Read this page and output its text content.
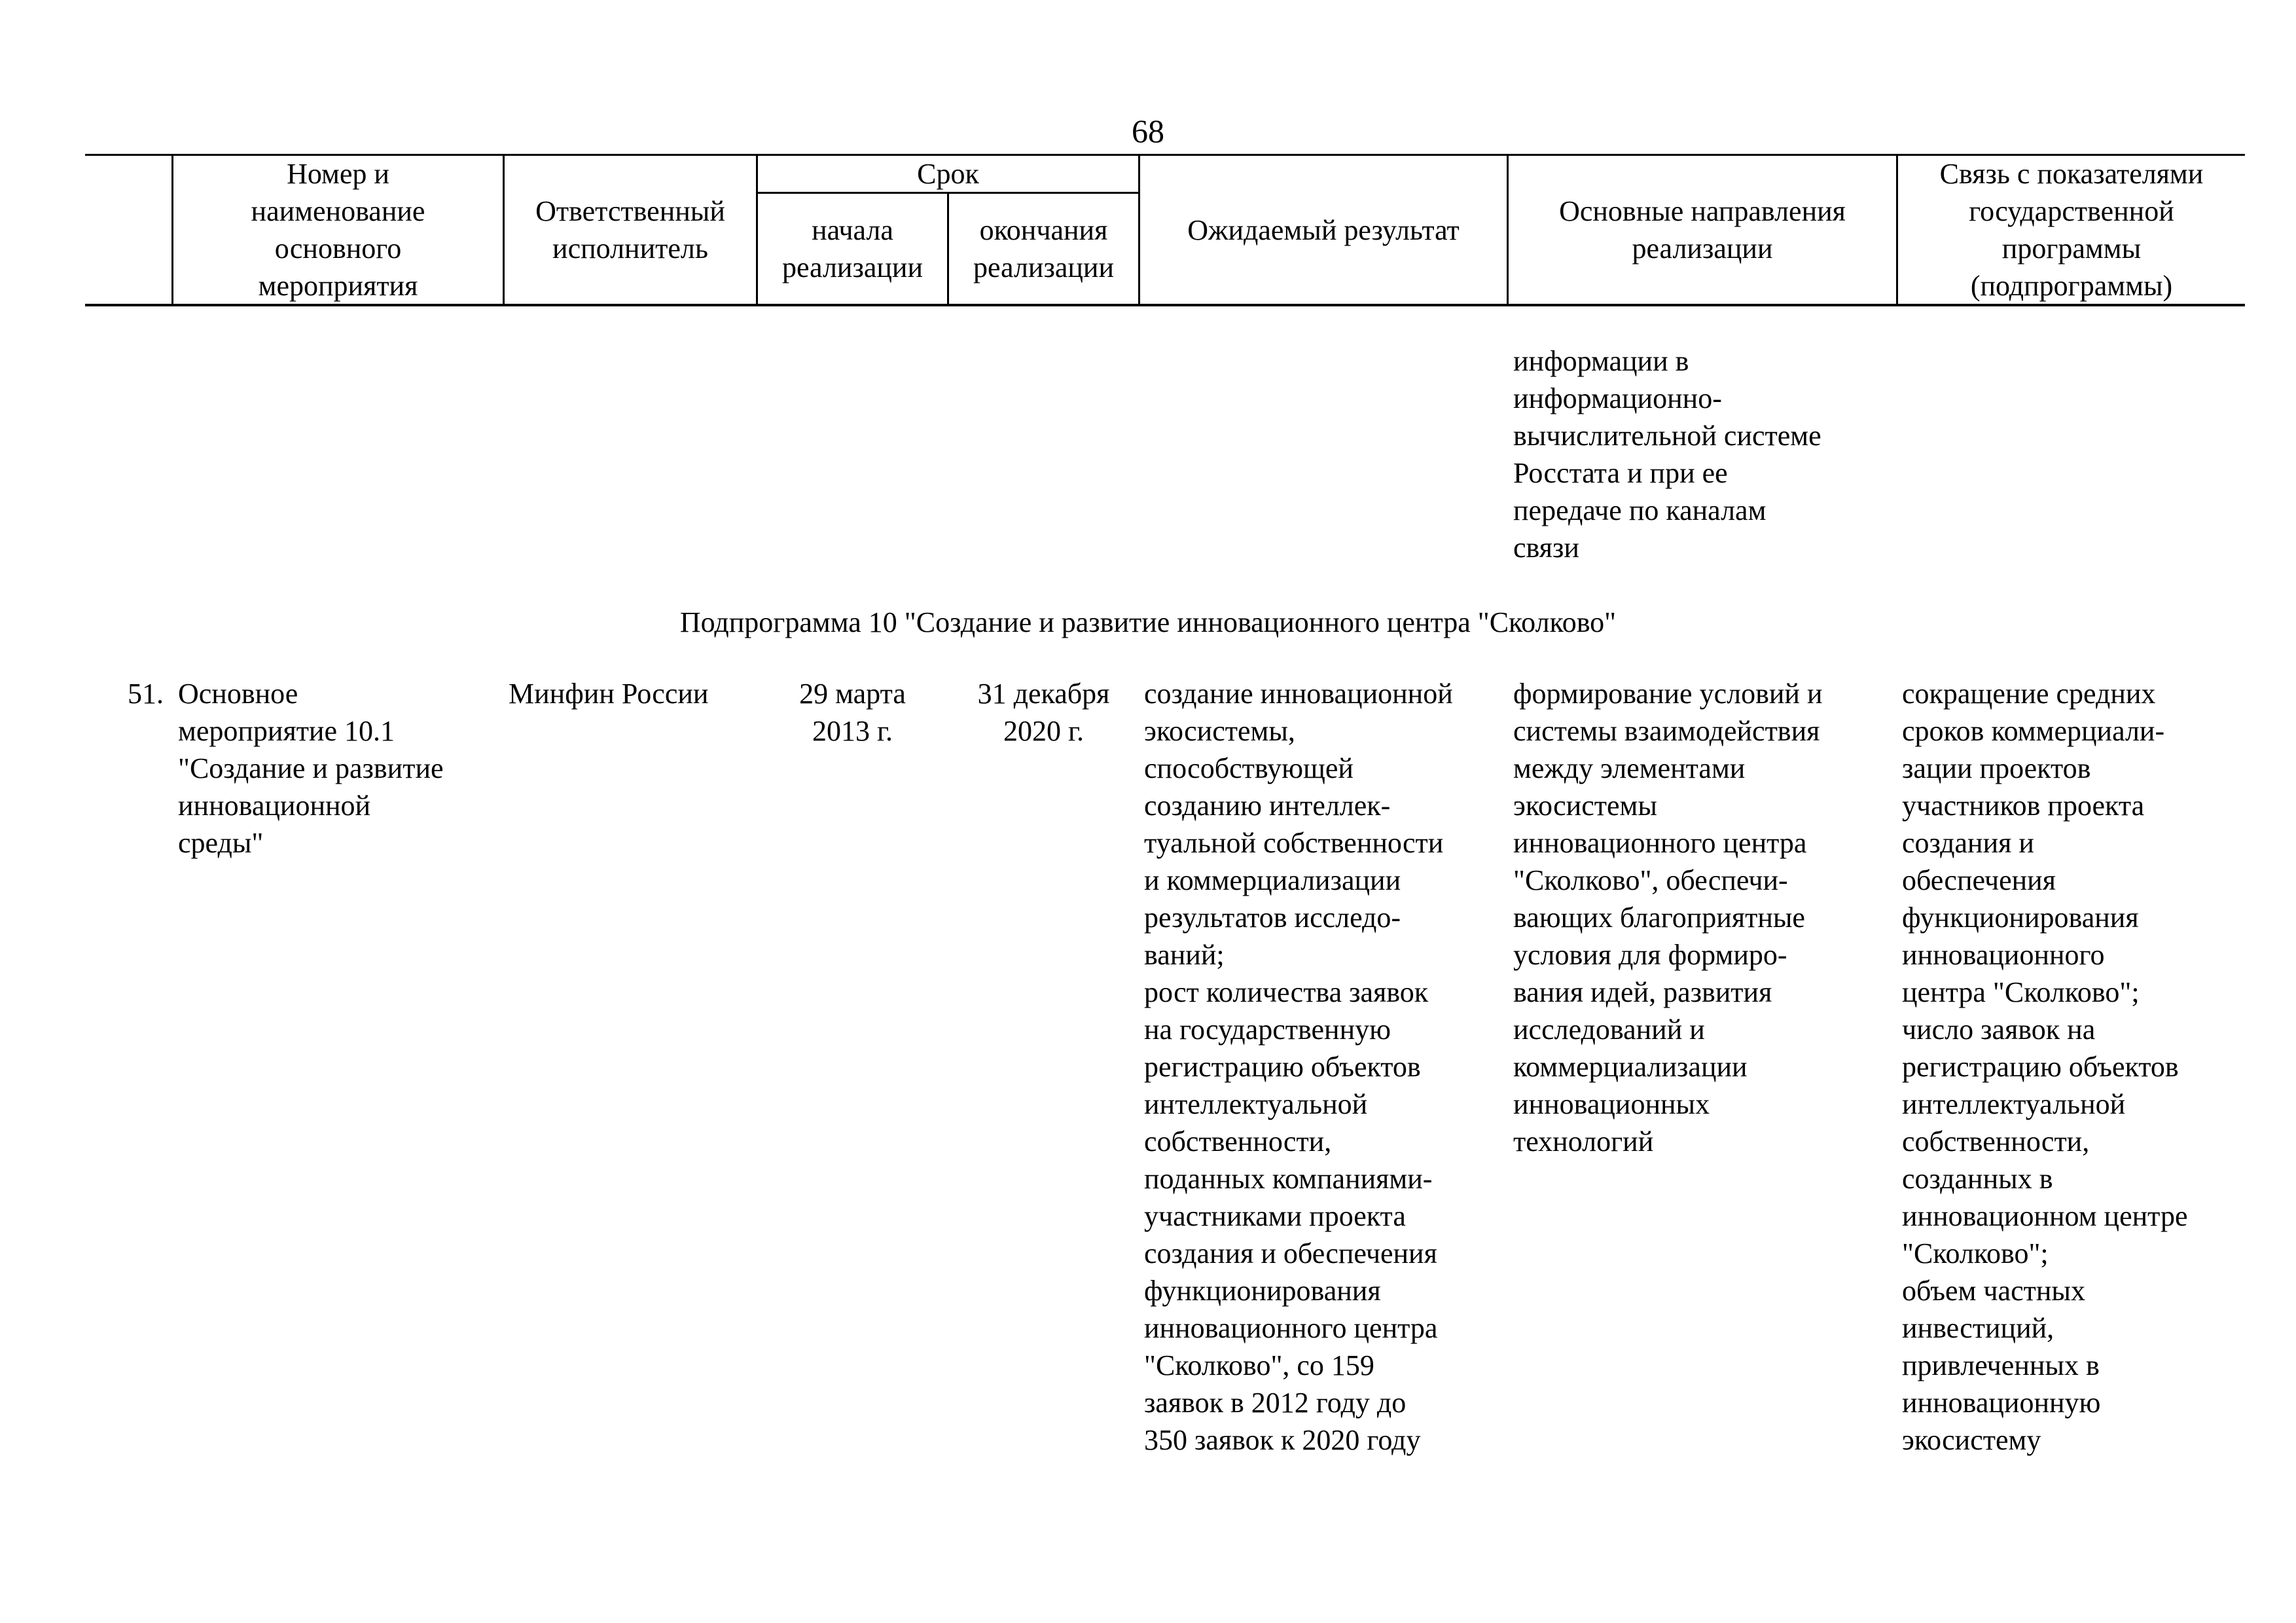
68
Номер и
наименование
основного
мероприятия
Ответственный
исполнитель
Срок
начала
реализации
окончания
реализации
Ожидаемый результат
Основные направления
реализации
Связь с показателями
государственной
программы
(подпрограммы)
информации в
информационно-
вычислительной системе
Росстата и при ее
передаче по каналам
связи
Подпрограмма 10 "Создание и развитие инновационного центра "Сколково"
51. Основное
мероприятие 10.1
"Создание и развитие
инновационной
среды"
Минфин России	29 марта
2013 г.
31 декабря
2020 г.
создание инновационной
экосистемы,
способствующей
созданию интеллек-
туальной собственности
и коммерциализации
результатов исследо-
ваний;
рост количества заявок
на государственную
регистрацию объектов
интеллектуальной
собственности,
поданных компаниями-
участниками проекта
создания и обеспечения
функционирования
инновационного центра
"Сколково", со 159
заявок в 2012 году до
350 заявок к 2020 году
формирование условий и
системы взаимодействия
между элементами
экосистемы
инновационного центра
"Сколково", обеспечи-
вающих благоприятные
условия для формиро-
вания идей, развития
исследований и
коммерциализации
инновационных
технологий
сокращение средних
сроков коммерциали-
зации проектов
участников проекта
создания и
обеспечения
функционирования
инновационного
центра "Сколково";
число заявок на
регистрацию объектов
интеллектуальной
собственности,
созданных в
инновационном центре
"Сколково";
объем частных
инвестиций,
привлеченных в
инновационную
экосистему
